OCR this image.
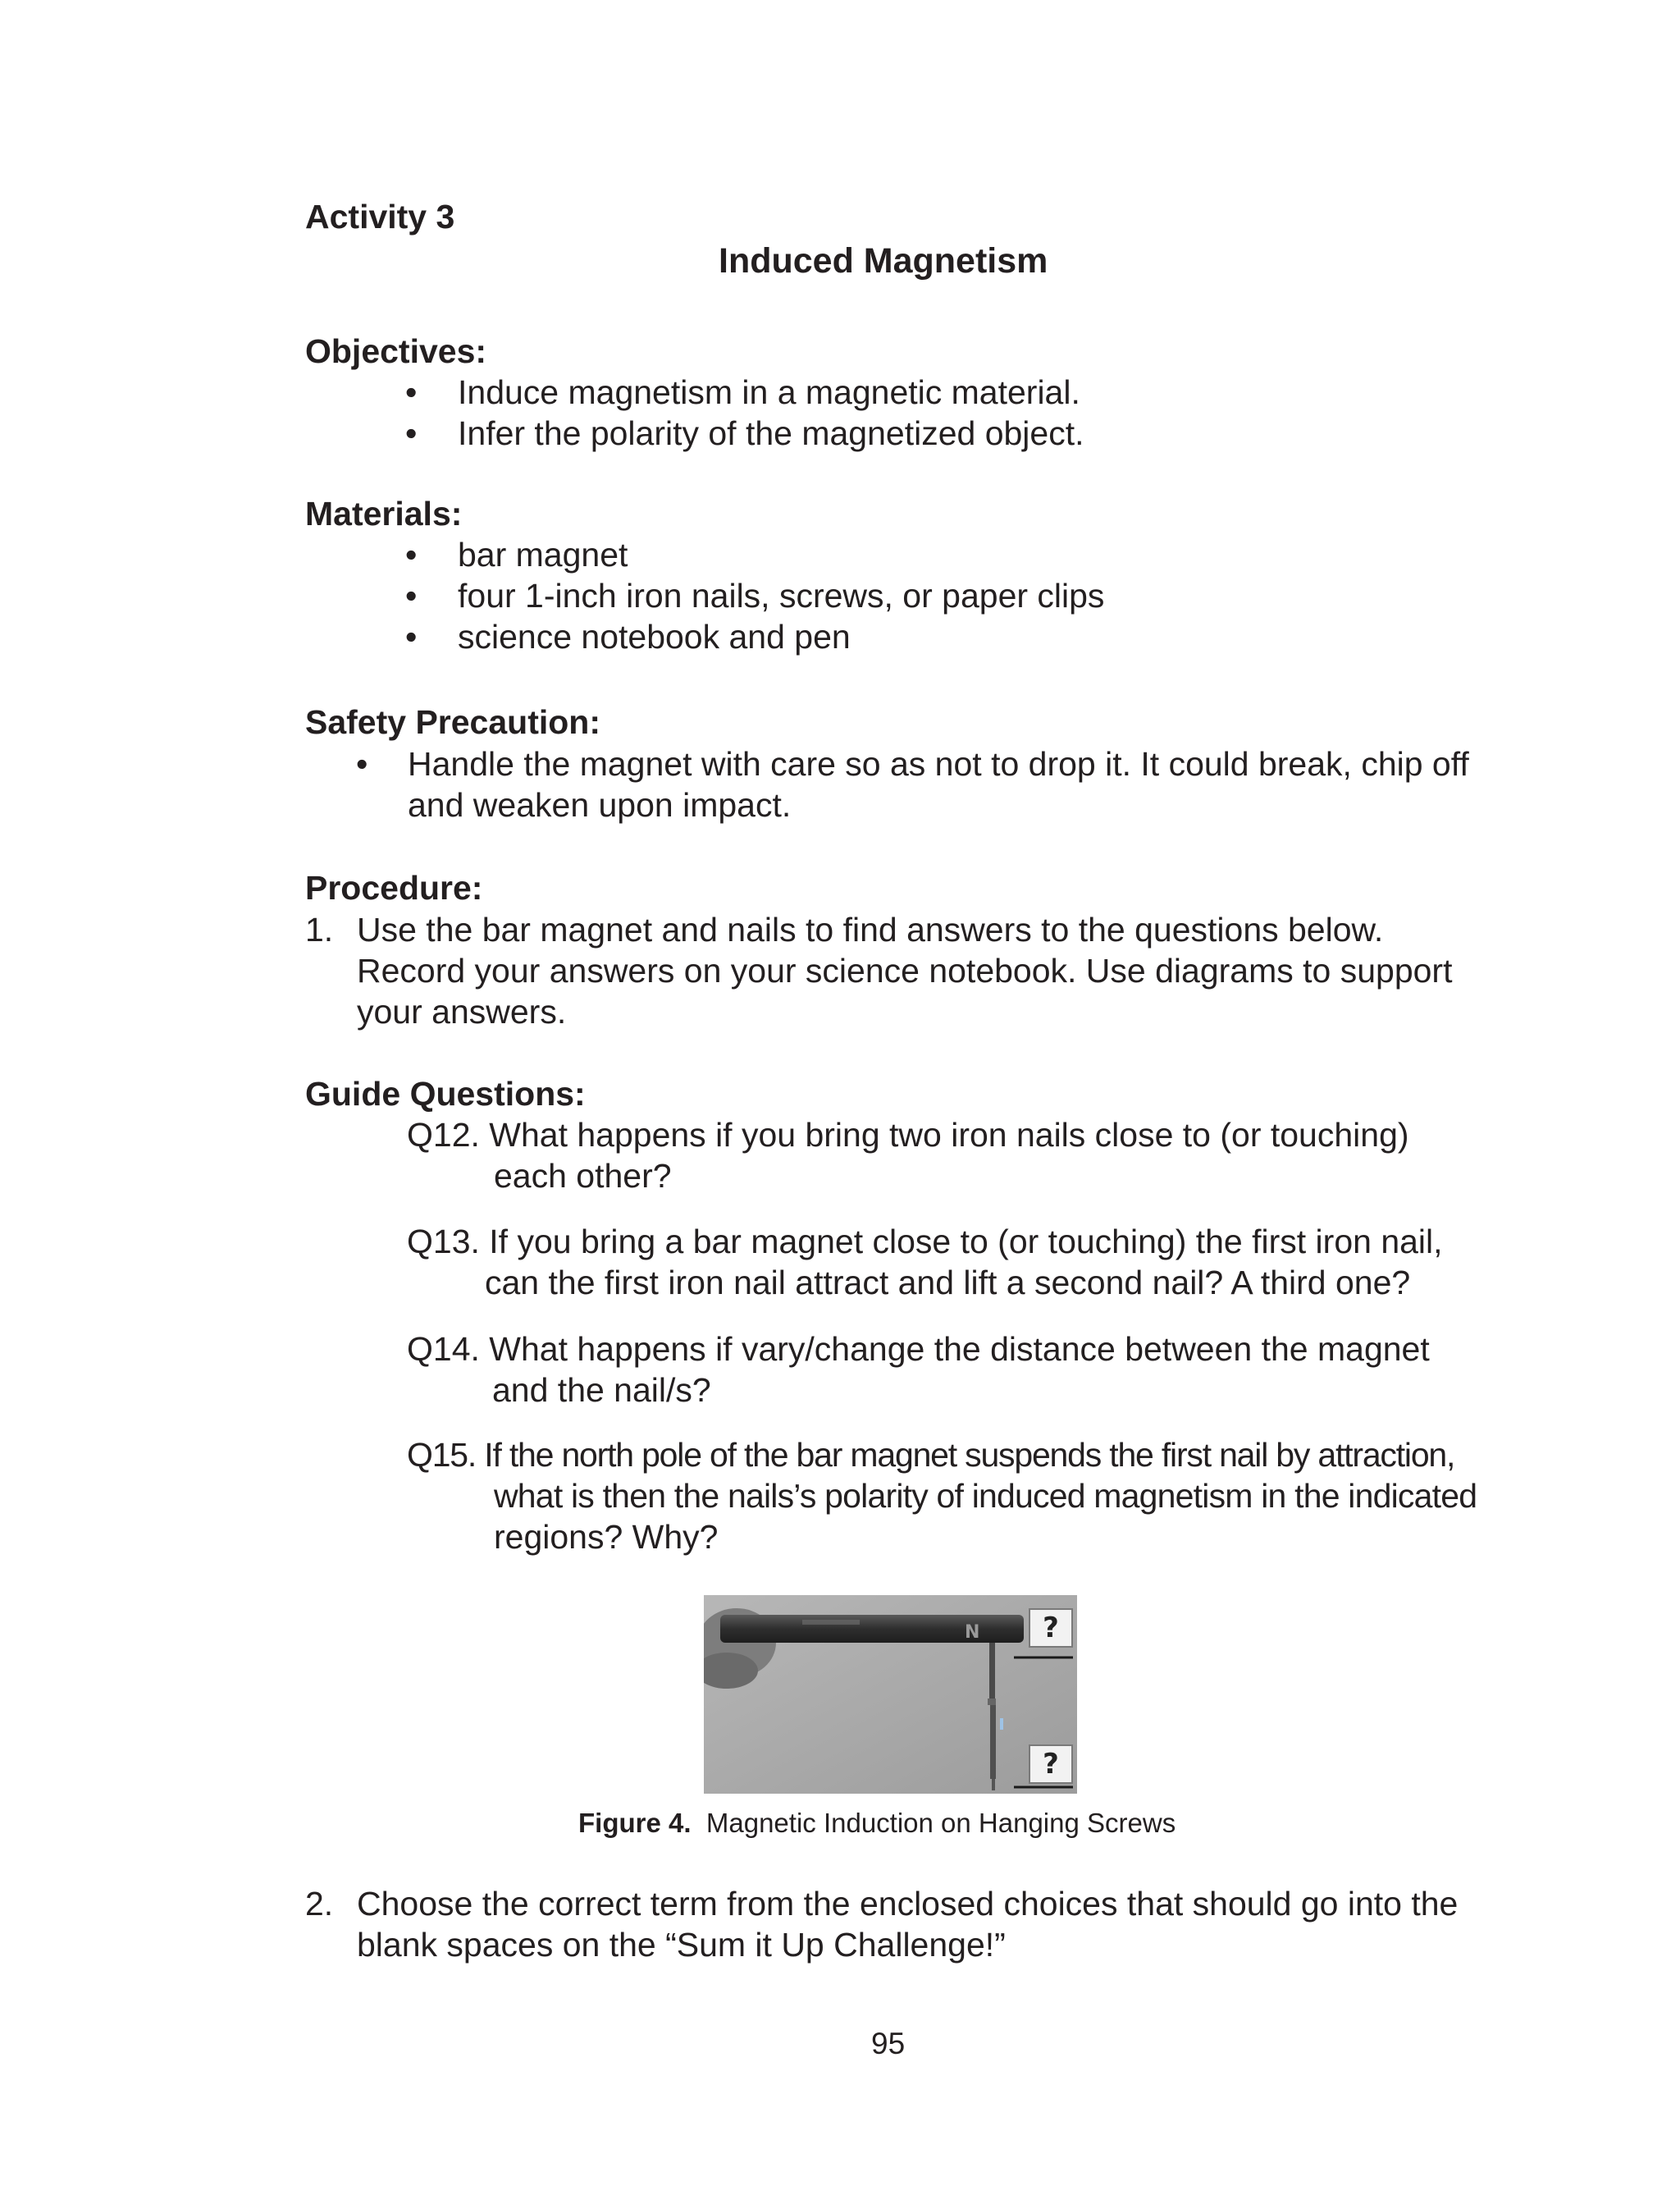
Activity 3
Induced Magnetism
Objectives:
• Induce magnetism in a magnetic material.
• Infer the polarity of the magnetized object.
Materials:
• bar magnet
• four 1-inch iron nails, screws, or paper clips
• science notebook and pen
Safety Precaution:
• Handle the magnet with care so as not to drop it. It could break, chip off
and weaken upon impact.
Procedure:
1. Use the bar magnet and nails to find answers to the questions below.
Record your answers on your science notebook. Use diagrams to support
your answers.
Guide Questions:
Q12. What happens if you bring two iron nails close to (or touching)
each other?
Q13. If you bring a bar magnet close to (or touching) the first iron nail,
can the first iron nail attract and lift a second nail? A third one?
Q14. What happens if vary/change the distance between the magnet
and the nail/s?
Q15. If the north pole of the bar magnet suspends the first nail by attraction,
what is then the nails’s polarity of induced magnetism in the indicated
regions? Why?
N	?
?
Figure 4. Magnetic Induction on Hanging Screws
2. Choose the correct term from the enclosed choices that should go into the
blank spaces on the “Sum it Up Challenge!”
95
